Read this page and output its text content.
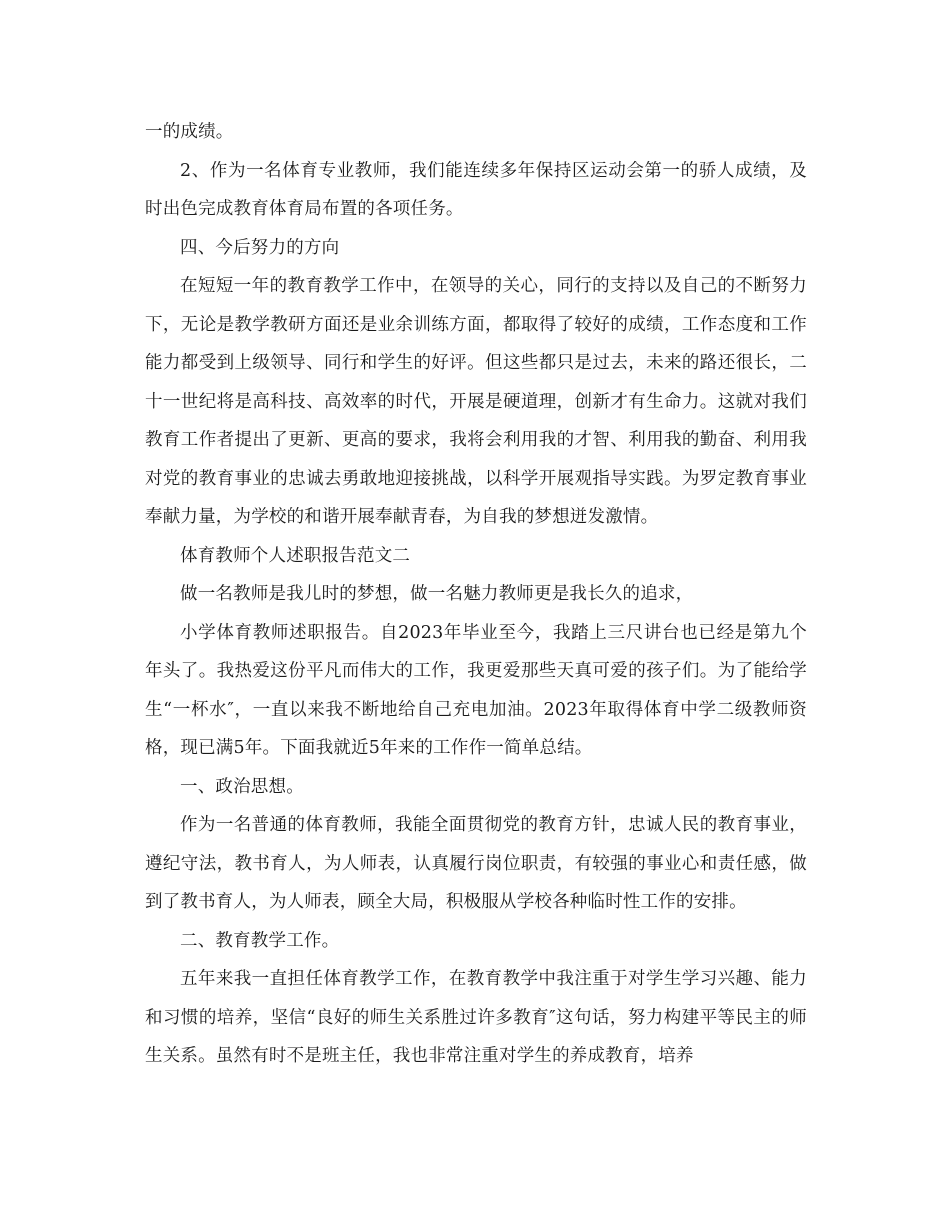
一的成绩。

2、作为一名体育专业教师，我们能连续多年保持区运动会第一的骄人成绩，及时出色完成教育体育局布置的各项任务。

四、今后努力的方向

在短短一年的教育教学工作中，在领导的关心，同行的支持以及自己的不断努力下，无论是教学教研方面还是业余训练方面，都取得了较好的成绩，工作态度和工作能力都受到上级领导、同行和学生的好评。但这些都只是过去，未来的路还很长，二十一世纪将是高科技、高效率的时代，开展是硬道理，创新才有生命力。这就对我们教育工作者提出了更新、更高的要求，我将会利用我的才智、利用我的勤奋、利用我对党的教育事业的忠诚去勇敢地迎接挑战，以科学开展观指导实践。为罗定教育事业奉献力量，为学校的和谐开展奉献青春，为自我的梦想迸发激情。

体育教师个人述职报告范文二

做一名教师是我儿时的梦想，做一名魅力教师更是我长久的追求，

小学体育教师述职报告。自2023年毕业至今，我踏上三尺讲台也已经是第九个年头了。我热爱这份平凡而伟大的工作，我更爱那些天真可爱的孩子们。为了能给学生“一杯水″，一直以来我不断地给自己充电加油。2023年取得体育中学二级教师资格，现已满5年。下面我就近5年来的工作作一简单总结。

一、政治思想。

作为一名普通的体育教师，我能全面贯彻党的教育方针，忠诚人民的教育事业，遵纪守法，教书育人，为人师表，认真履行岗位职责，有较强的事业心和责任感，做到了教书育人，为人师表，顾全大局，积极服从学校各种临时性工作的安排。

二、教育教学工作。

五年来我一直担任体育教学工作，在教育教学中我注重于对学生学习兴趣、能力和习惯的培养，坚信“良好的师生关系胜过许多教育″这句话，努力构建平等民主的师生关系。虽然有时不是班主任，我也非常注重对学生的养成教育，培养
